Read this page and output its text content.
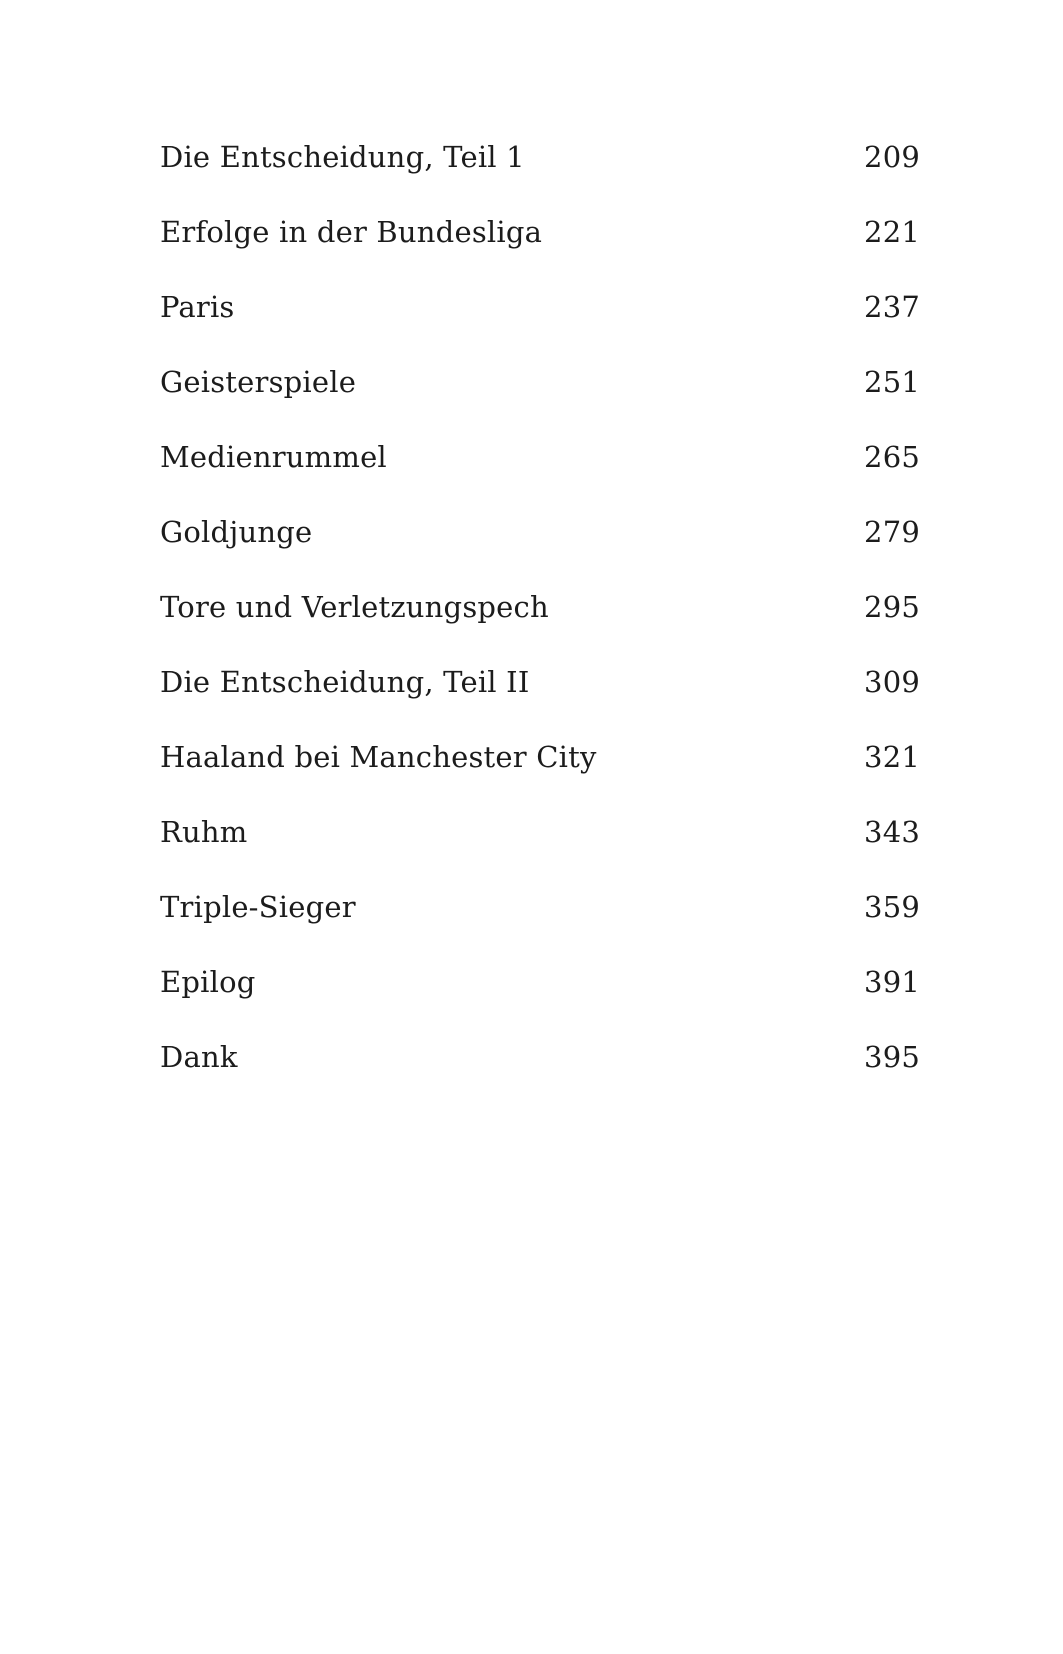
Die Entscheidung, Teil 1	209
Erfolge in der Bundesliga	221
Paris	237
Geisterspiele	251
Medienrummel	265
Goldjunge	279
Tore und Verletzungspech	295
Die Entscheidung, Teil II	309
Haaland bei Manchester City	321
Ruhm	343
Triple-Sieger	359
Epilog	391
Dank	395
